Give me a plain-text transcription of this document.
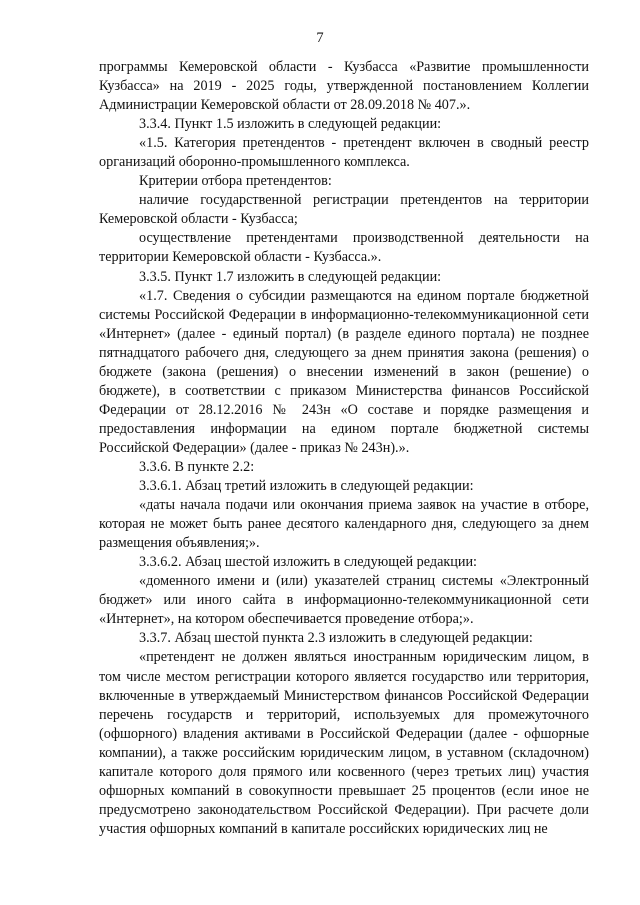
7

программы Кемеровской области - Кузбасса «Развитие промышленности Кузбасса» на 2019 - 2025 годы, утвержденной постановлением Коллегии Администрации Кемеровской области от 28.09.2018 № 407.».

3.3.4. Пункт 1.5 изложить в следующей редакции:

«1.5. Категория претендентов - претендент включен в сводный реестр организаций оборонно-промышленного комплекса.

Критерии отбора претендентов:

наличие государственной регистрации претендентов на территории Кемеровской области - Кузбасса;

осуществление претендентами производственной деятельности на территории Кемеровской области - Кузбасса.».

3.3.5. Пункт 1.7 изложить в следующей редакции:

«1.7. Сведения о субсидии размещаются на едином портале бюджетной системы Российской Федерации в информационно-телекоммуникационной сети «Интернет» (далее - единый портал) (в разделе единого портала) не позднее пятнадцатого рабочего дня, следующего за днем принятия закона (решения) о бюджете (закона (решения) о внесении изменений в закон (решение) о бюджете), в соответствии с приказом Министерства финансов Российской Федерации от 28.12.2016 № 243н «О составе и порядке размещения и предоставления информации на едином портале бюджетной системы Российской Федерации» (далее - приказ № 243н).».

3.3.6. В пункте 2.2:

3.3.6.1. Абзац третий изложить в следующей редакции:

«даты начала подачи или окончания приема заявок на участие в отборе, которая не может быть ранее десятого календарного дня, следующего за днем размещения объявления;».

3.3.6.2. Абзац шестой изложить в следующей редакции:

«доменного имени и (или) указателей страниц системы «Электронный бюджет» или иного сайта в информационно-телекоммуникационной сети «Интернет», на котором обеспечивается проведение отбора;».

3.3.7. Абзац шестой пункта 2.3 изложить в следующей редакции:

«претендент не должен являться иностранным юридическим лицом, в том числе местом регистрации которого является государство или территория, включенные в утверждаемый Министерством финансов Российской Федерации перечень государств и территорий, используемых для промежуточного (офшорного) владения активами в Российской Федерации (далее - офшорные компании), а также российским юридическим лицом, в уставном (складочном) капитале которого доля прямого или косвенного (через третьих лиц) участия офшорных компаний в совокупности превышает 25 процентов (если иное не предусмотрено законодательством Российской Федерации). При расчете доли участия офшорных компаний в капитале российских юридических лиц не
